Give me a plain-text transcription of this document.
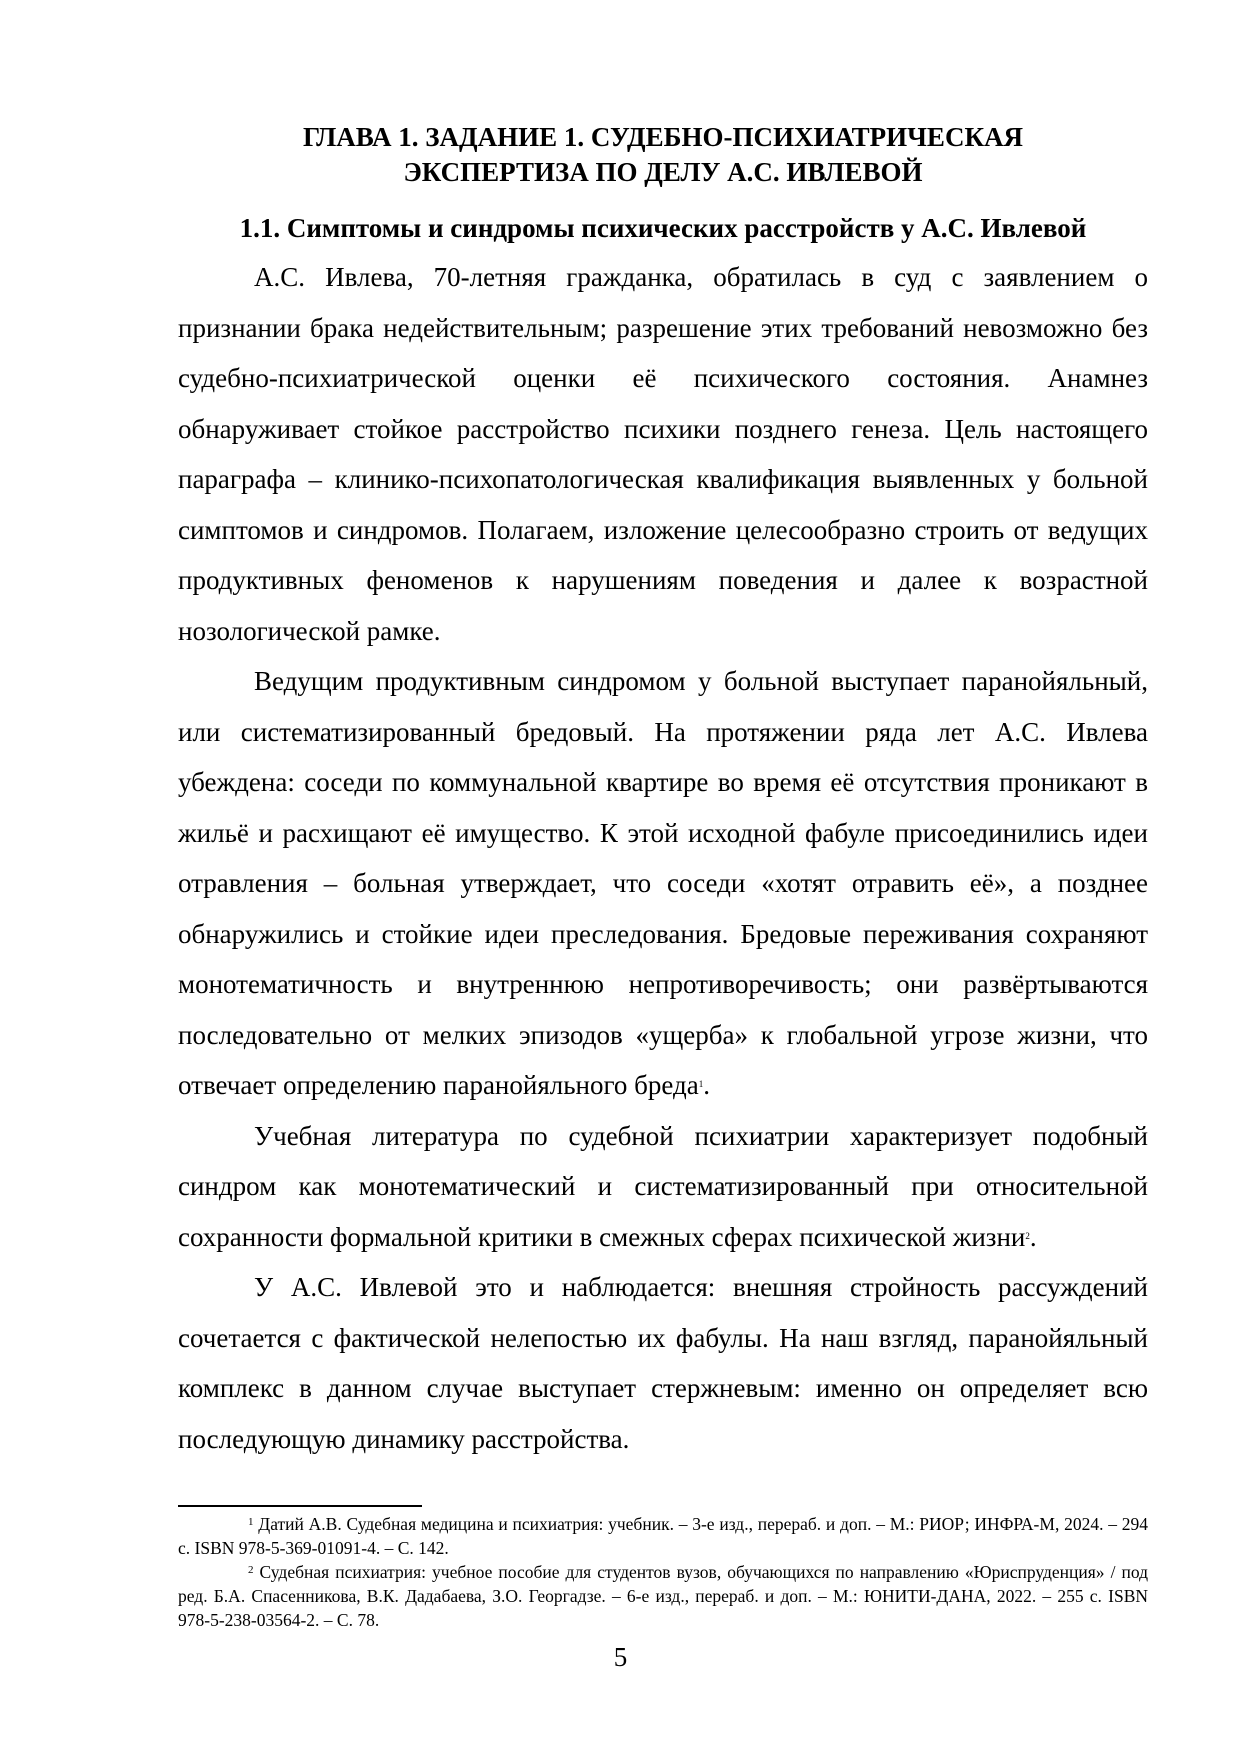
ГЛАВА 1. ЗАДАНИЕ 1. СУДЕБНО-ПСИХИАТРИЧЕСКАЯ
ЭКСПЕРТИЗА ПО ДЕЛУ А.С. ИВЛЕВОЙ
1.1. Симптомы и синдромы психических расстройств у А.С. Ивлевой

А.С. Ивлева, 70-летняя гражданка, обратилась в суд с заявлением о признании брака недействительным; разрешение этих требований невозможно без судебно-психиатрической оценки её психического состояния. Анамнез обнаруживает стойкое расстройство психики позднего генеза. Цель настоящего параграфа – клинико-психопатологическая квалификация выявленных у больной симптомов и синдромов. Полагаем, изложение целесообразно строить от ведущих продуктивных феноменов к нарушениям поведения и далее к возрастной нозологической рамке.

Ведущим продуктивным синдромом у больной выступает паранойяльный, или систематизированный бредовый. На протяжении ряда лет А.С. Ивлева убеждена: соседи по коммунальной квартире во время её отсутствия проникают в жильё и расхищают её имущество. К этой исходной фабуле присоединились идеи отравления – больная утверждает, что соседи «хотят отравить её», а позднее обнаружились и стойкие идеи преследования. Бредовые переживания сохраняют монотематичность и внутреннюю непротиворечивость; они развёртываются последовательно от мелких эпизодов «ущерба» к глобальной угрозе жизни, что отвечает определению паранойяльного бреда$^1$.

Учебная литература по судебной психиатрии характеризует подобный синдром как монотематический и систематизированный при относительной сохранности формальной критики в смежных сферах психической жизни$^2$.

У А.С. Ивлевой это и наблюдается: внешняя стройность рассуждений сочетается с фактической нелепостью их фабулы. На наш взгляд, паранойяльный комплекс в данном случае выступает стержневым: именно он определяет всю последующую динамику расстройства.

$^1$ Датий А.В. Судебная медицина и психиатрия: учебник. – 3-е изд., перераб. и доп. – М.: РИОР; ИНФРА-М, 2024. – 294 с. ISBN 978-5-369-01091-4. – С. 142.

$^2$ Судебная психиатрия: учебное пособие для студентов вузов, обучающихся по направлению «Юриспруденция» / под ред. Б.А. Спасенникова, В.К. Дадабаева, З.О. Георгадзе. – 6-е изд., перераб. и доп. – М.: ЮНИТИ-ДАНА, 2022. – 255 с. ISBN 978-5-238-03564-2. – С. 78.

5
